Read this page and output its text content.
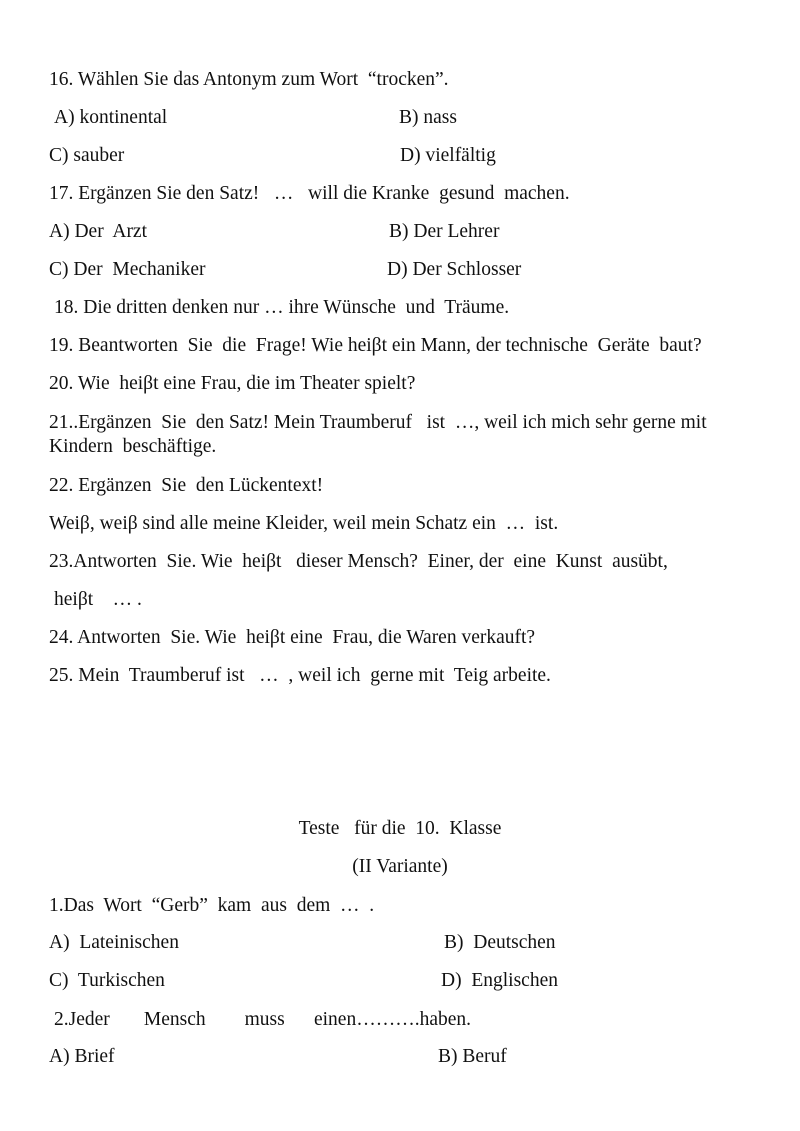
16. Wählen Sie das Antonym zum Wort  “trocken”.
A) kontinental	B) nass
C) sauber	D) vielfältig
17. Ergänzen Sie den Satz!   …   will die Kranke  gesund  machen.
A) Der  Arzt	B) Der Lehrer
C) Der  Mechaniker	D) Der Schlosser
18. Die dritten denken nur … ihre Wünsche  und  Träume.
19. Beantworten  Sie  die  Frage! Wie heiβt ein Mann, der technische  Geräte  baut?
20. Wie  heiβt eine Frau, die im Theater spielt?
21..Ergänzen  Sie  den Satz! Mein Traumberuf   ist  …, weil ich mich sehr gerne mit
Kindern  beschäftige.
22. Ergänzen  Sie  den Lückentext!
Weiβ, weiβ sind alle meine Kleider, weil mein Schatz ein  …  ist.
23.Antworten  Sie. Wie  heiβt   dieser Mensch?  Einer, der  eine  Kunst  ausübt,
heiβt    … .
24. Antworten  Sie. Wie  heiβt eine  Frau, die Waren verkauft?
25. Mein  Traumberuf ist   …  , weil ich  gerne mit  Teig arbeite.
Teste   für die  10.  Klasse
(II Variante)
1.Das  Wort  “Gerb”  kam  aus  dem  …  .
A)  Lateinischen	B)  Deutschen
C)  Turkischen	D)  Englischen
2.Jeder       Mensch        muss      einen……….haben.
A) Brief	B) Beruf
